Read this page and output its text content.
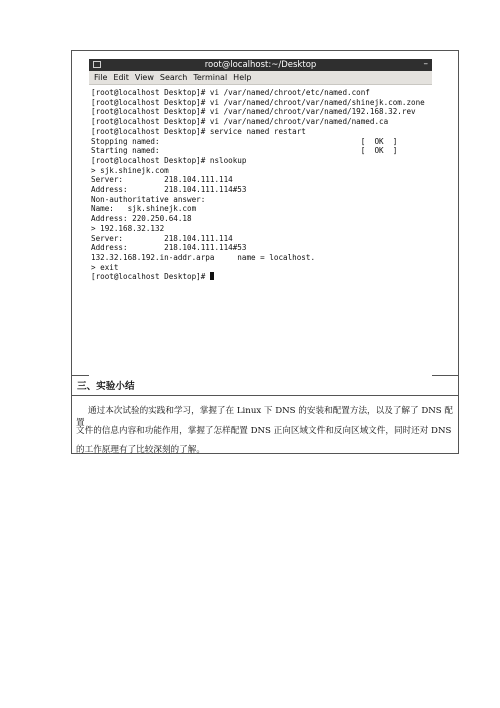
root@localhost:~/Desktop	–
File Edit View Search Terminal Help
[root@localhost Desktop]# vi /var/named/chroot/etc/named.conf
[root@localhost Desktop]# vi /var/named/chroot/var/named/shinejk.com.zone
[root@localhost Desktop]# vi /var/named/chroot/var/named/192.168.32.rev
[root@localhost Desktop]# vi /var/named/chroot/var/named/named.ca
[root@localhost Desktop]# service named restart
Stopping named:                                            [  OK  ]
Starting named:                                            [  OK  ]
[root@localhost Desktop]# nslookup
> sjk.shinejk.com
Server:         218.104.111.114
Address:        218.104.111.114#53
Non-authoritative answer:
Name:   sjk.shinejk.com
Address: 220.250.64.18
> 192.168.32.132
Server:         218.104.111.114
Address:        218.104.111.114#53
132.32.168.192.in-addr.arpa     name = localhost.
> exit
[root@localhost Desktop]#
三、实验小结
通过本次试验的实践和学习，掌握了在 Linux 下 DNS 的安装和配置方法，以及了解了 DNS 配置
文件的信息内容和功能作用，掌握了怎样配置 DNS 正向区域文件和反向区域文件，同时还对 DNS
的工作原理有了比较深刻的了解。
